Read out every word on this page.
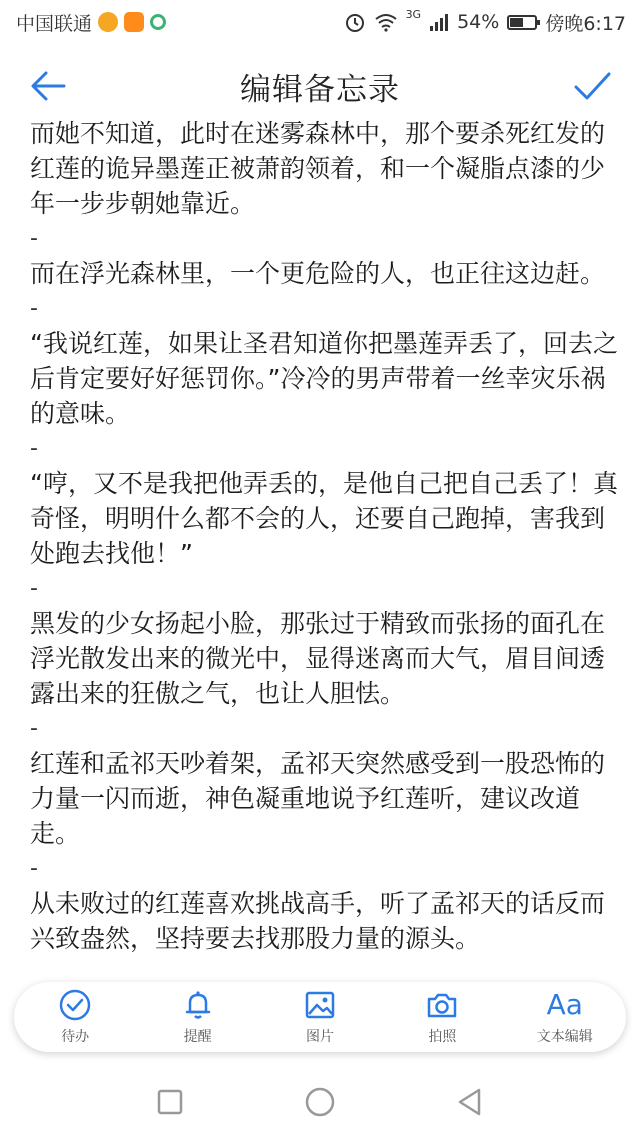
中国联通	3G 54% 傍晚6:17
编辑备忘录

而她不知道，此时在迷雾森林中，那个要杀死红发的红莲的诡异墨莲正被萧韵领着，和一个凝脂点漆的少年一步步朝她靠近。

-

而在浮光森林里，一个更危险的人，也正往这边赶。

-

“我说红莲，如果让圣君知道你把墨莲弄丢了，回去之后肯定要好好惩罚你。”冷冷的男声带着一丝幸灾乐祸的意味。

-

“哼，又不是我把他弄丢的，是他自己把自己丢了！真奇怪，明明什么都不会的人，还要自己跑掉，害我到处跑去找他！”

-

黑发的少女扬起小脸，那张过于精致而张扬的面孔在浮光散发出来的微光中，显得迷离而大气，眉目间透露出来的狂傲之气，也让人胆怯。

-

红莲和孟祁天吵着架，孟祁天突然感受到一股恐怖的力量一闪而逝，神色凝重地说予红莲听，建议改道走。

-

从未败过的红莲喜欢挑战高手，听了孟祁天的话反而兴致盎然，坚持要去找那股力量的源头。

待办	提醒	图片	拍照
Aa
文本编辑
